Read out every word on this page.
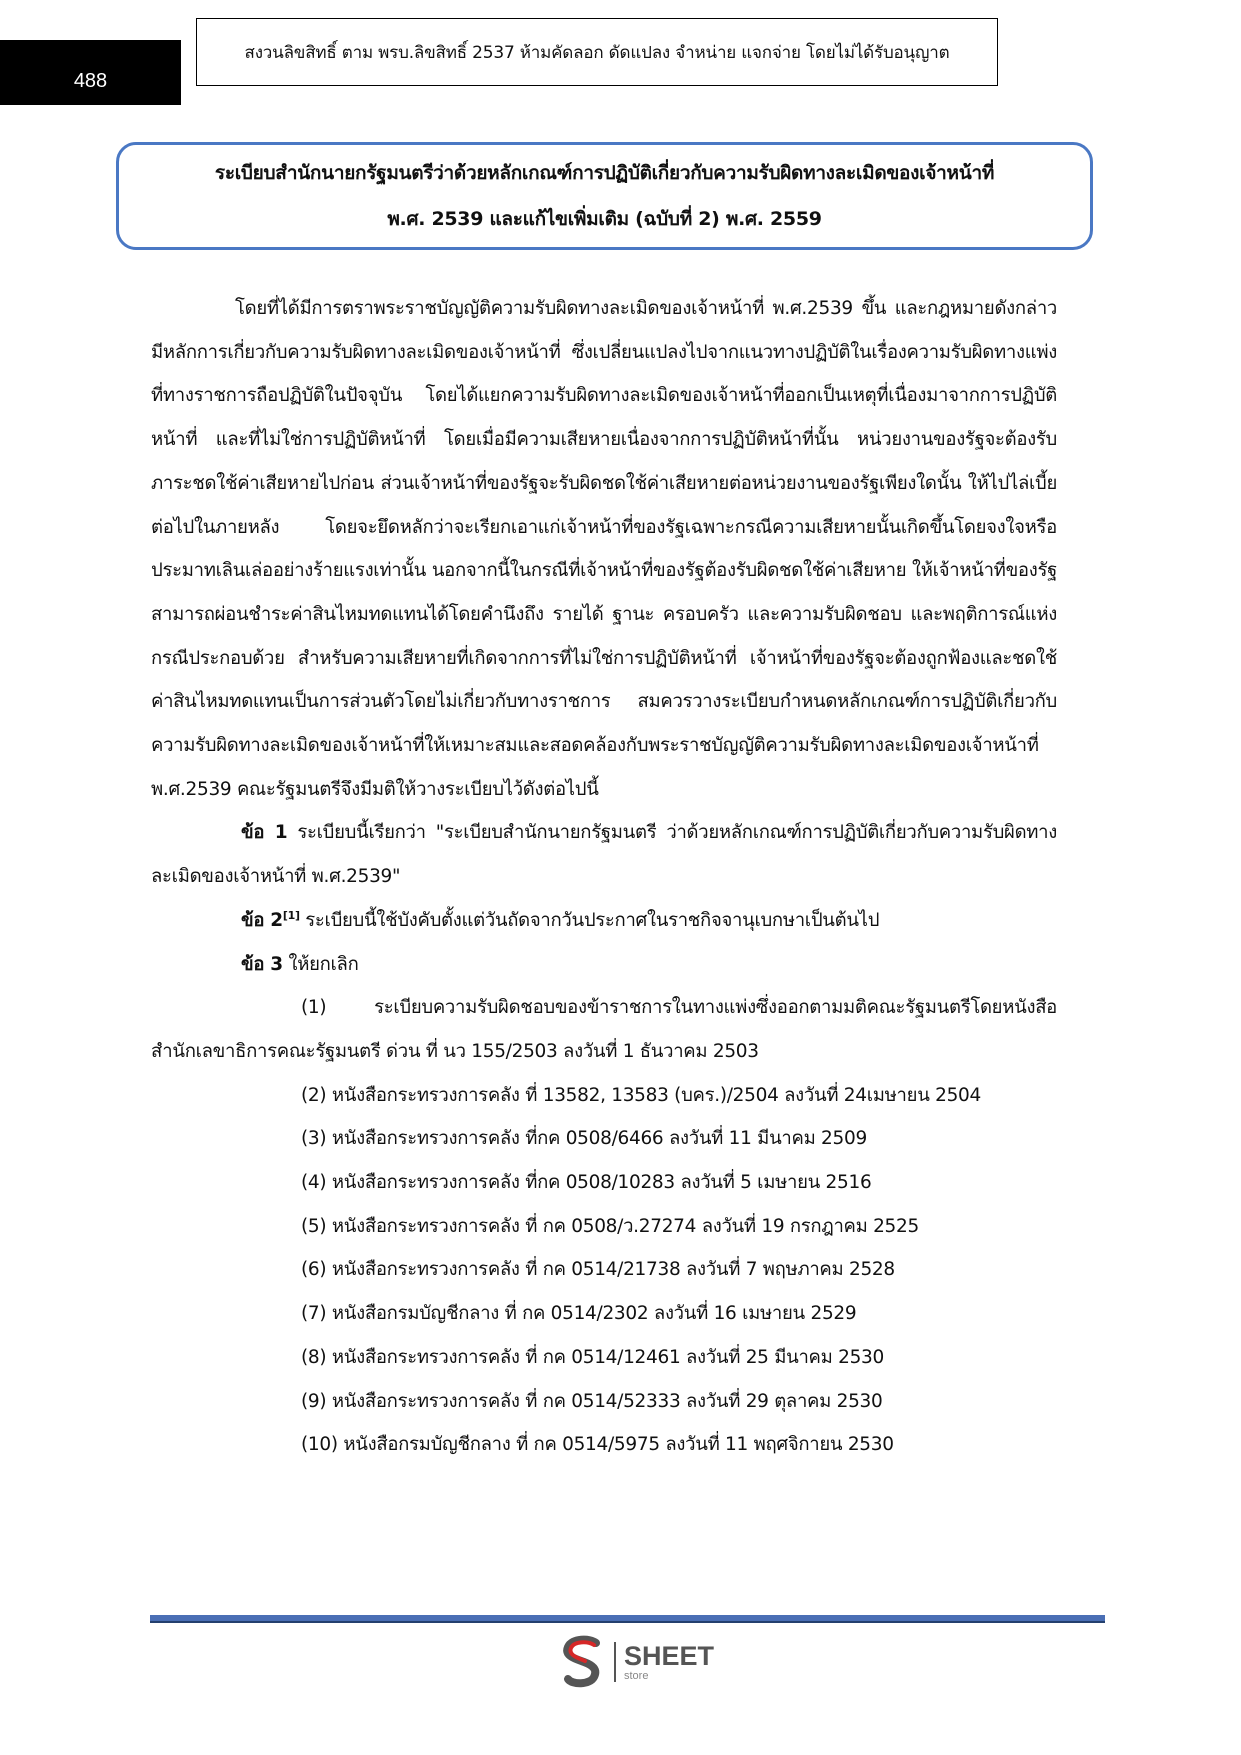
488
สงวนลิขสิทธิ์ ตาม พรบ.ลิขสิทธิ์ 2537 ห้ามคัดลอก ดัดแปลง จำหน่าย แจกจ่าย โดยไม่ได้รับอนุญาต
ระเบียบสำนักนายกรัฐมนตรีว่าด้วยหลักเกณฑ์การปฏิบัติเกี่ยวกับความรับผิดทางละเมิดของเจ้าหน้าที่
พ.ศ. 2539 และแก้ไขเพิ่มเติม (ฉบับที่ 2) พ.ศ. 2559

โดยที่ได้มีการตราพระราชบัญญัติความรับผิดทางละเมิดของเจ้าหน้าที่ พ.ศ.2539 ขึ้น และกฎหมายดังกล่าวมีหลักการเกี่ยวกับความรับผิดทางละเมิดของเจ้าหน้าที่ ซึ่งเปลี่ยนแปลงไปจากแนวทางปฏิบัติในเรื่องความรับผิดทางแพ่งที่ทางราชการถือปฏิบัติในปัจจุบัน โดยได้แยกความรับผิดทางละเมิดของเจ้าหน้าที่ออกเป็นเหตุที่เนื่องมาจากการปฏิบัติหน้าที่ และที่ไม่ใช่การปฏิบัติหน้าที่ โดยเมื่อมีความเสียหายเนื่องจากการปฏิบัติหน้าที่นั้น หน่วยงานของรัฐจะต้องรับภาระชดใช้ค่าเสียหายไปก่อน ส่วนเจ้าหน้าที่ของรัฐจะรับผิดชดใช้ค่าเสียหายต่อหน่วยงานของรัฐเพียงใดนั้น ให้ไปไล่เบี้ยต่อไปในภายหลัง โดยจะยึดหลักว่าจะเรียกเอาแก่เจ้าหน้าที่ของรัฐเฉพาะกรณีความเสียหายนั้นเกิดขึ้นโดยจงใจหรือประมาทเลินเล่ออย่างร้ายแรงเท่านั้น นอกจากนี้ในกรณีที่เจ้าหน้าที่ของรัฐต้องรับผิดชดใช้ค่าเสียหาย ให้เจ้าหน้าที่ของรัฐสามารถผ่อนชำระค่าสินไหมทดแทนได้โดยคำนึงถึง รายได้ ฐานะ ครอบครัว และความรับผิดชอบ และพฤติการณ์แห่งกรณีประกอบด้วย สำหรับความเสียหายที่เกิดจากการที่ไม่ใช่การปฏิบัติหน้าที่ เจ้าหน้าที่ของรัฐจะต้องถูกฟ้องและชดใช้ค่าสินไหมทดแทนเป็นการส่วนตัวโดยไม่เกี่ยวกับทางราชการ สมควรวางระเบียบกำหนดหลักเกณฑ์การปฏิบัติเกี่ยวกับความรับผิดทางละเมิดของเจ้าหน้าที่ให้เหมาะสมและสอดคล้องกับพระราชบัญญัติความรับผิดทางละเมิดของเจ้าหน้าที่ พ.ศ.2539 คณะรัฐมนตรีจึงมีมติให้วางระเบียบไว้ดังต่อไปนี้

ข้อ 1 ระเบียบนี้เรียกว่า "ระเบียบสำนักนายกรัฐมนตรี ว่าด้วยหลักเกณฑ์การปฏิบัติเกี่ยวกับความรับผิดทางละเมิดของเจ้าหน้าที่ พ.ศ.2539"

ข้อ 2[1] ระเบียบนี้ใช้บังคับตั้งแต่วันถัดจากวันประกาศในราชกิจจานุเบกษาเป็นต้นไป

ข้อ 3 ให้ยกเลิก

(1) ระเบียบความรับผิดชอบของข้าราชการในทางแพ่งซึ่งออกตามมติคณะรัฐมนตรีโดยหนังสือสำนักเลขาธิการคณะรัฐมนตรี ด่วน ที่ นว 155/2503 ลงวันที่ 1 ธันวาคม 2503

(2) หนังสือกระทรวงการคลัง ที่ 13582, 13583 (บคร.)/2504 ลงวันที่ 24เมษายน 2504

(3) หนังสือกระทรวงการคลัง ที่กค 0508/6466 ลงวันที่ 11 มีนาคม 2509

(4) หนังสือกระทรวงการคลัง ที่กค 0508/10283 ลงวันที่ 5 เมษายน 2516

(5) หนังสือกระทรวงการคลัง ที่ กค 0508/ว.27274 ลงวันที่ 19 กรกฎาคม 2525

(6) หนังสือกระทรวงการคลัง ที่ กค 0514/21738 ลงวันที่ 7 พฤษภาคม 2528

(7) หนังสือกรมบัญชีกลาง ที่ กค 0514/2302 ลงวันที่ 16 เมษายน 2529

(8) หนังสือกระทรวงการคลัง ที่ กค 0514/12461 ลงวันที่ 25 มีนาคม 2530

(9) หนังสือกระทรวงการคลัง ที่ กค 0514/52333 ลงวันที่ 29 ตุลาคม 2530

(10) หนังสือกรมบัญชีกลาง ที่ กค 0514/5975 ลงวันที่ 11 พฤศจิกายน 2530

SHEET
store
